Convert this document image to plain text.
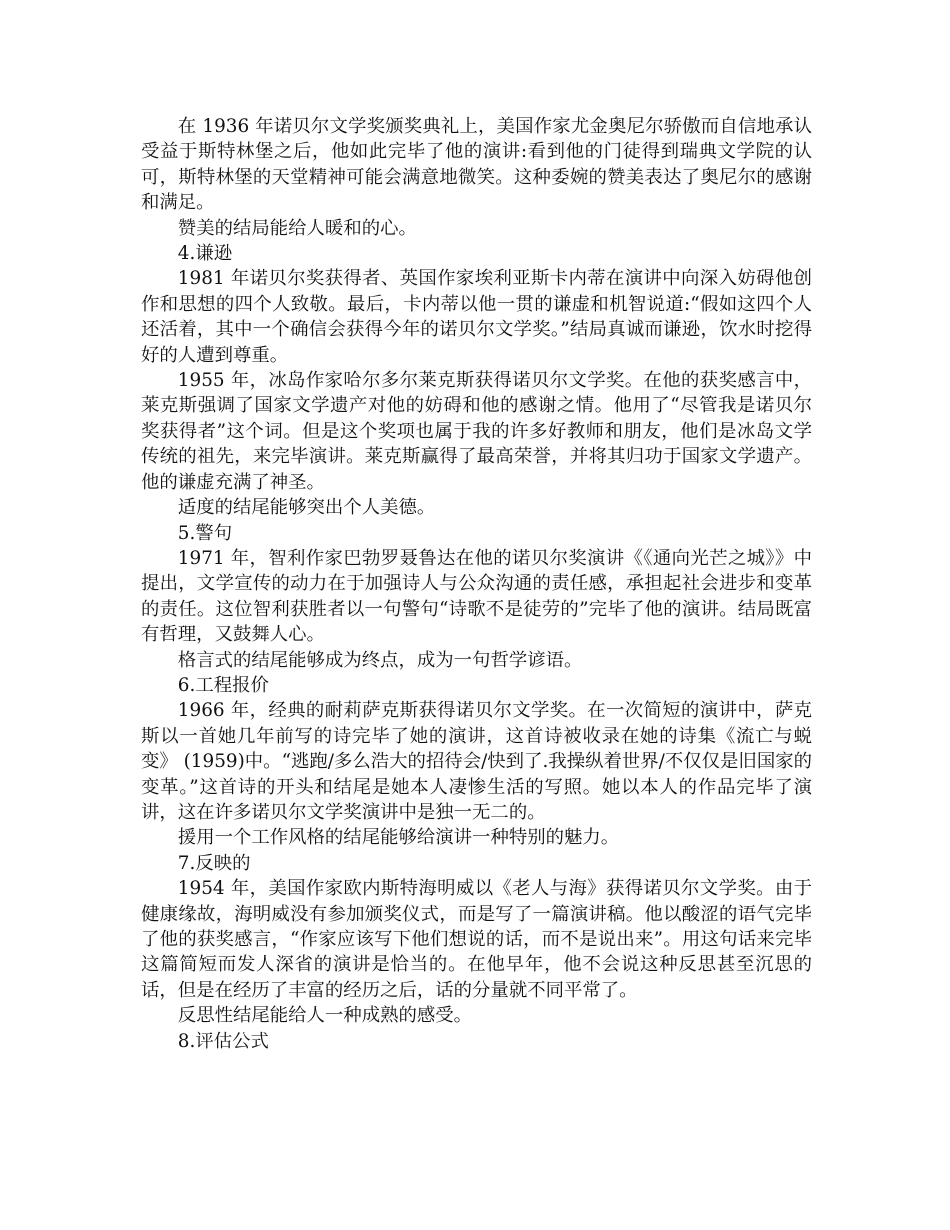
在 1936 年诺贝尔文学奖颁奖典礼上，美国作家尤金奥尼尔骄傲而自信地承认受益于斯特林堡之后，他如此完毕了他的演讲:看到他的门徒得到瑞典文学院的认可，斯特林堡的天堂精神可能会满意地微笑。这种委婉的赞美表达了奥尼尔的感谢和满足。

赞美的结局能给人暖和的心。

4.谦逊

1981 年诺贝尔奖获得者、英国作家埃利亚斯卡内蒂在演讲中向深入妨碍他创作和思想的四个人致敬。最后，卡内蒂以他一贯的谦虚和机智说道:“假如这四个人还活着，其中一个确信会获得今年的诺贝尔文学奖。”结局真诚而谦逊，饮水时挖得好的人遭到尊重。

1955 年，冰岛作家哈尔多尔莱克斯获得诺贝尔文学奖。在他的获奖感言中，莱克斯强调了国家文学遗产对他的妨碍和他的感谢之情。他用了“尽管我是诺贝尔奖获得者”这个词。但是这个奖项也属于我的许多好教师和朋友，他们是冰岛文学传统的祖先，来完毕演讲。莱克斯赢得了最高荣誉，并将其归功于国家文学遗产。他的谦虚充满了神圣。

适度的结尾能够突出个人美德。

5.警句

1971 年，智利作家巴勃罗聂鲁达在他的诺贝尔奖演讲《《通向光芒之城》》中提出，文学宣传的动力在于加强诗人与公众沟通的责任感，承担起社会进步和变革的责任。这位智利获胜者以一句警句“诗歌不是徒劳的”完毕了他的演讲。结局既富有哲理，又鼓舞人心。

格言式的结尾能够成为终点，成为一句哲学谚语。

6.工程报价

1966 年，经典的耐莉萨克斯获得诺贝尔文学奖。在一次简短的演讲中，萨克斯以一首她几年前写的诗完毕了她的演讲，这首诗被收录在她的诗集《流亡与蜕变》 (1959)中。“逃跑/多么浩大的招待会/快到了.我操纵着世界/不仅仅是旧国家的变革。”这首诗的开头和结尾是她本人凄惨生活的写照。她以本人的作品完毕了演讲，这在许多诺贝尔文学奖演讲中是独一无二的。

援用一个工作风格的结尾能够给演讲一种特别的魅力。

7.反映的

1954 年，美国作家欧内斯特海明威以《老人与海》获得诺贝尔文学奖。由于健康缘故，海明威没有参加颁奖仪式，而是写了一篇演讲稿。他以酸涩的语气完毕了他的获奖感言，“作家应该写下他们想说的话，而不是说出来”。用这句话来完毕这篇简短而发人深省的演讲是恰当的。在他早年，他不会说这种反思甚至沉思的话，但是在经历了丰富的经历之后，话的分量就不同平常了。

反思性结尾能给人一种成熟的感受。

8.评估公式
